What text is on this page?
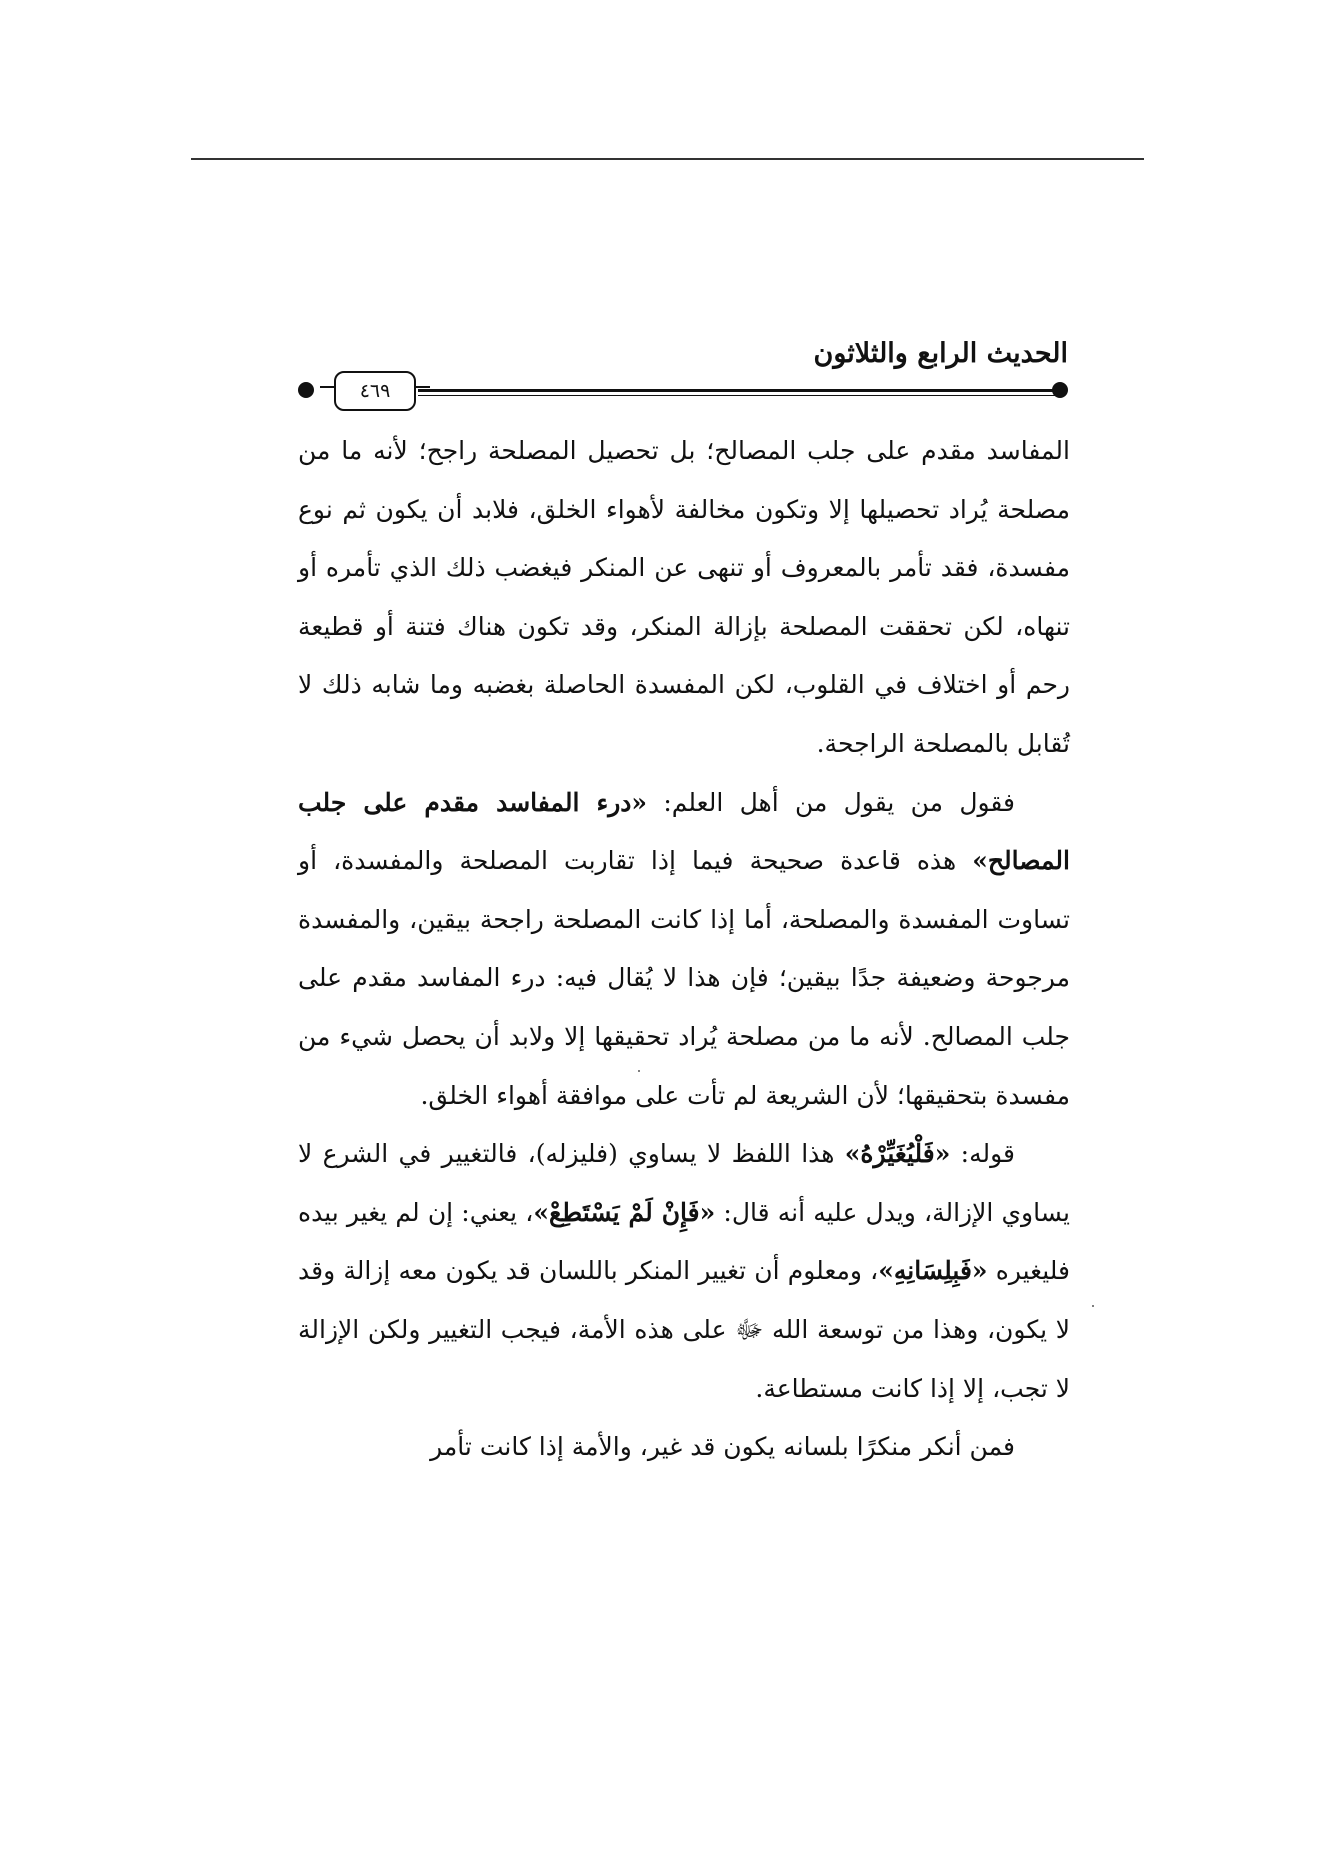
الحديث الرابع والثلاثون
٤٦٩

المفاسد مقدم على جلب المصالح؛ بل تحصيل المصلحة راجح؛ لأنه ما من مصلحة يُراد تحصيلها إلا وتكون مخالفة لأهواء الخلق، فلابد أن يكون ثم نوع مفسدة، فقد تأمر بالمعروف أو تنهى عن المنكر فيغضب ذلك الذي تأمره أو تنهاه، لكن تحققت المصلحة بإزالة المنكر، وقد تكون هناك فتنة أو قطيعة رحم أو اختلاف في القلوب، لكن المفسدة الحاصلة بغضبه وما شابه ذلك لا تُقابل بالمصلحة الراجحة.

فقول من يقول من أهل العلم: «درء المفاسد مقدم على جلب المصالح» هذه قاعدة صحيحة فيما إذا تقاربت المصلحة والمفسدة، أو تساوت المفسدة والمصلحة، أما إذا كانت المصلحة راجحة بيقين، والمفسدة مرجوحة وضعيفة جدًا بيقين؛ فإن هذا لا يُقال فيه: درء المفاسد مقدم على جلب المصالح. لأنه ما من مصلحة يُراد تحقيقها إلا ولابد أن يحصل شيء من مفسدة بتحقيقها؛ لأن الشريعة لم تأت على موافقة أهواء الخلق.

قوله: «فَلْيُغَيِّرْهُ» هذا اللفظ لا يساوي (فليزله)، فالتغيير في الشرع لا يساوي الإزالة، ويدل عليه أنه قال: «فَإِنْ لَمْ يَسْتَطِعْ»، يعني: إن لم يغير بيده فليغيره «فَبِلِسَانِهِ»، ومعلوم أن تغيير المنكر باللسان قد يكون معه إزالة وقد لا يكون، وهذا من توسعة الله ﷻ على هذه الأمة، فيجب التغيير ولكن الإزالة لا تجب، إلا إذا كانت مستطاعة.

فمن أنكر منكرًا بلسانه يكون قد غير، والأمة إذا كانت تأمر
